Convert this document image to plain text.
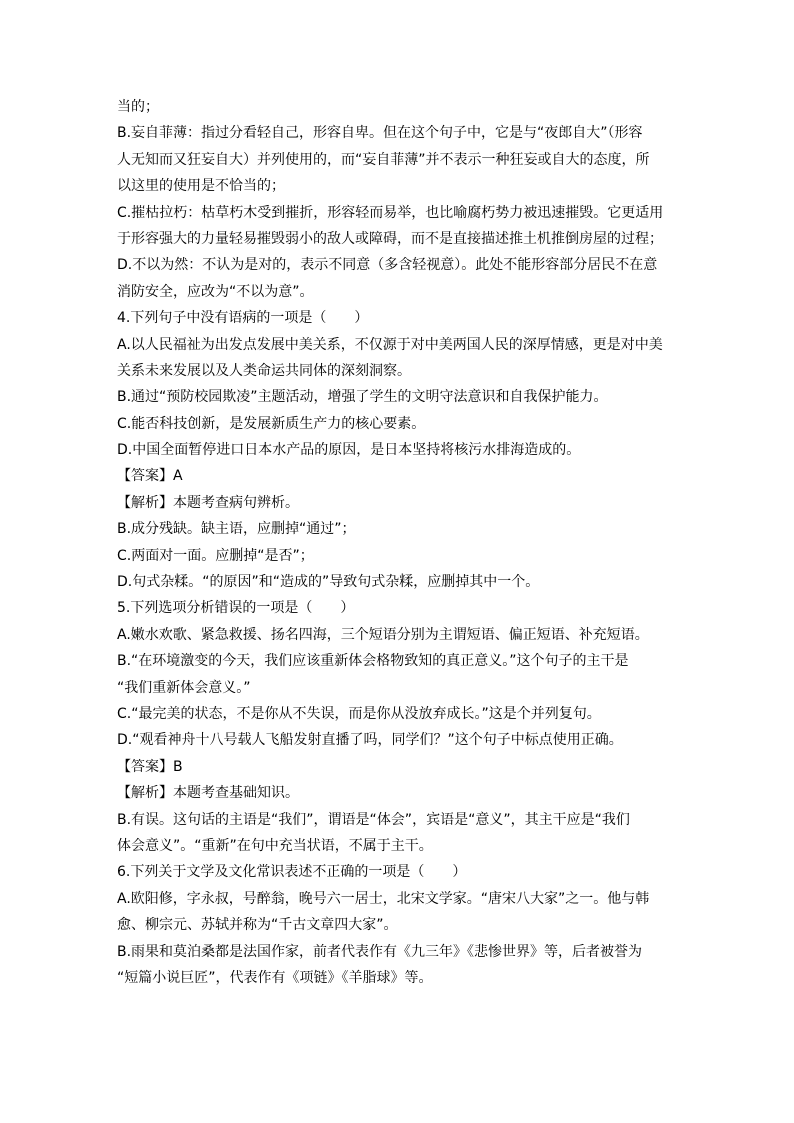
当的；
B.妄自菲薄：指过分看轻自己，形容自卑。但在这个句子中，它是与“夜郎自大”（形容
人无知而又狂妄自大）并列使用的，而“妄自菲薄”并不表示一种狂妄或自大的态度，所
以这里的使用是不恰当的；
C.摧枯拉朽：枯草朽木受到摧折，形容轻而易举，也比喻腐朽势力被迅速摧毁。它更适用
于形容强大的力量轻易摧毁弱小的敌人或障碍，而不是直接描述推土机推倒房屋的过程；
D.不以为然：不认为是对的，表示不同意（多含轻视意）。此处不能形容部分居民不在意
消防安全，应改为“不以为意”。
4.下列句子中没有语病的一项是（　　）
A.以人民福祉为出发点发展中美关系，不仅源于对中美两国人民的深厚情感，更是对中美
关系未来发展以及人类命运共同体的深刻洞察。
B.通过“预防校园欺凌”主题活动，增强了学生的文明守法意识和自我保护能力。
C.能否科技创新，是发展新质生产力的核心要素。
D.中国全面暂停进口日本水产品的原因，是日本坚持将核污水排海造成的。
【答案】A
【解析】本题考查病句辨析。
B.成分残缺。缺主语，应删掉“通过”；
C.两面对一面。应删掉“是否”；
D.句式杂糅。“的原因”和“造成的”导致句式杂糅，应删掉其中一个。
5.下列选项分析错误的一项是（　　）
A.嫩水欢歌、紧急救援、扬名四海，三个短语分别为主谓短语、偏正短语、补充短语。
B.“在环境激变的今天，我们应该重新体会格物致知的真正意义。”这个句子的主干是
“我们重新体会意义。”
C.“最完美的状态，不是你从不失误，而是你从没放弃成长。”这是个并列复句。
D.“观看神舟十八号载人飞船发射直播了吗，同学们？”这个句子中标点使用正确。
【答案】B
【解析】本题考查基础知识。
B.有误。这句话的主语是“我们”，谓语是“体会”，宾语是“意义”，其主干应是“我们
体会意义”。“重新”在句中充当状语，不属于主干。
6.下列关于文学及文化常识表述不正确的一项是（　　）
A.欧阳修，字永叔，号醉翁，晚号六一居士，北宋文学家。“唐宋八大家”之一。他与韩
愈、柳宗元、苏轼并称为“千古文章四大家”。
B.雨果和莫泊桑都是法国作家，前者代表作有《九三年》《悲惨世界》等，后者被誉为
“短篇小说巨匠”，代表作有《项链》《羊脂球》等。
